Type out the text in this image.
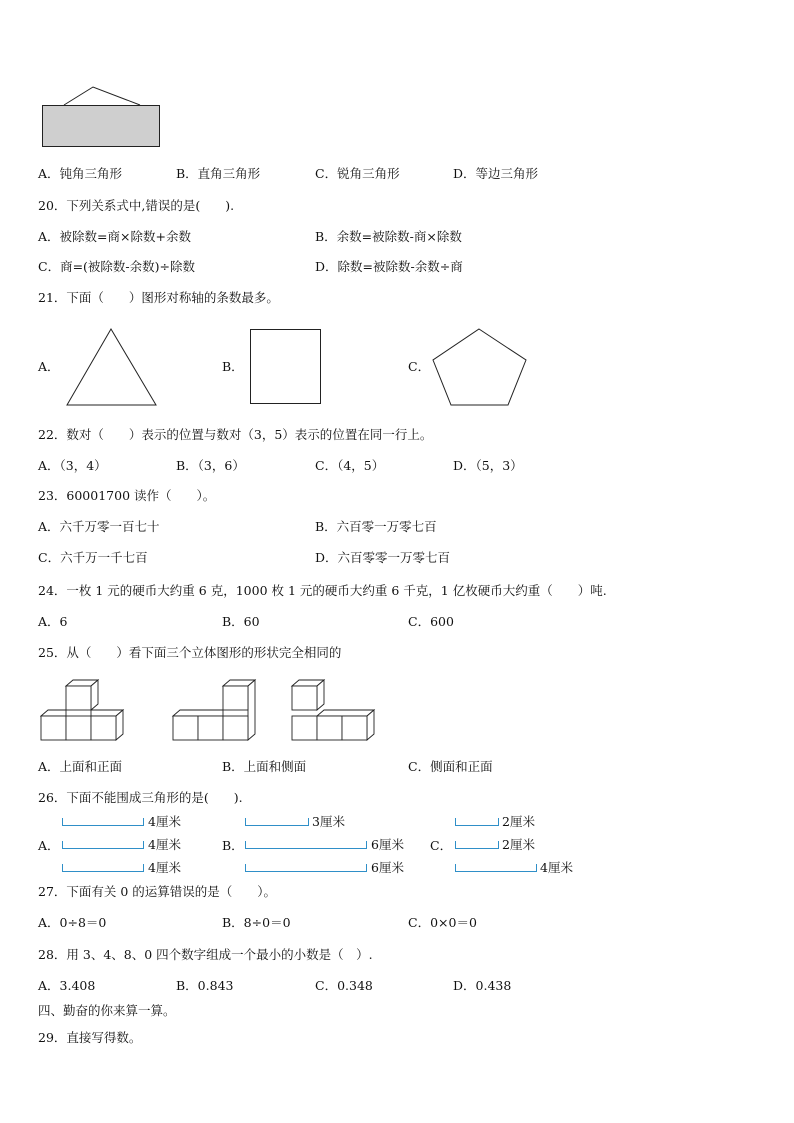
A．钝角三角形	B．直角三角形	C．锐角三角形	D．等边三角形
20．下列关系式中,错误的是(　　).
A．被除数=商×除数+余数	B．余数=被除数-商×除数
C．商=(被除数-余数)÷除数	D．除数=被除数-余数÷商
21．下面（　　）图形对称轴的条数最多。
A．	B．	C．
22．数对（　　）表示的位置与数对（3，5）表示的位置在同一行上。
A．（3，4）	B．（3，6）	C．（4，5）	D．（5，3）
23．60001700 读作（　　）。
A．六千万零一百七十	B．六百零一万零七百
C．六千万一千七百	D．六百零零一万零七百
24．一枚 1 元的硬币大约重 6 克，1000 枚 1 元的硬币大约重 6 千克，1 亿枚硬币大约重（　　）吨.
A．6	B．60	C．600
25．从（　　）看下面三个立体图形的形状完全相同的
A．上面和正面	B．上面和侧面	C．侧面和正面
26．下面不能围成三角形的是(　　).
A．
4厘米
4厘米
4厘米
B．
3厘米
6厘米
6厘米
C．
2厘米
2厘米
4厘米
27．下面有关 0 的运算错误的是（　　）。
A．0÷8＝0	B．8÷0＝0	C．0×0＝0
28．用 3、4、8、0 四个数字组成一个最小的小数是（　）.
A．3.408	B．0.843	C．0.348	D．0.438
四、勤奋的你来算一算。
29．直接写得数。
